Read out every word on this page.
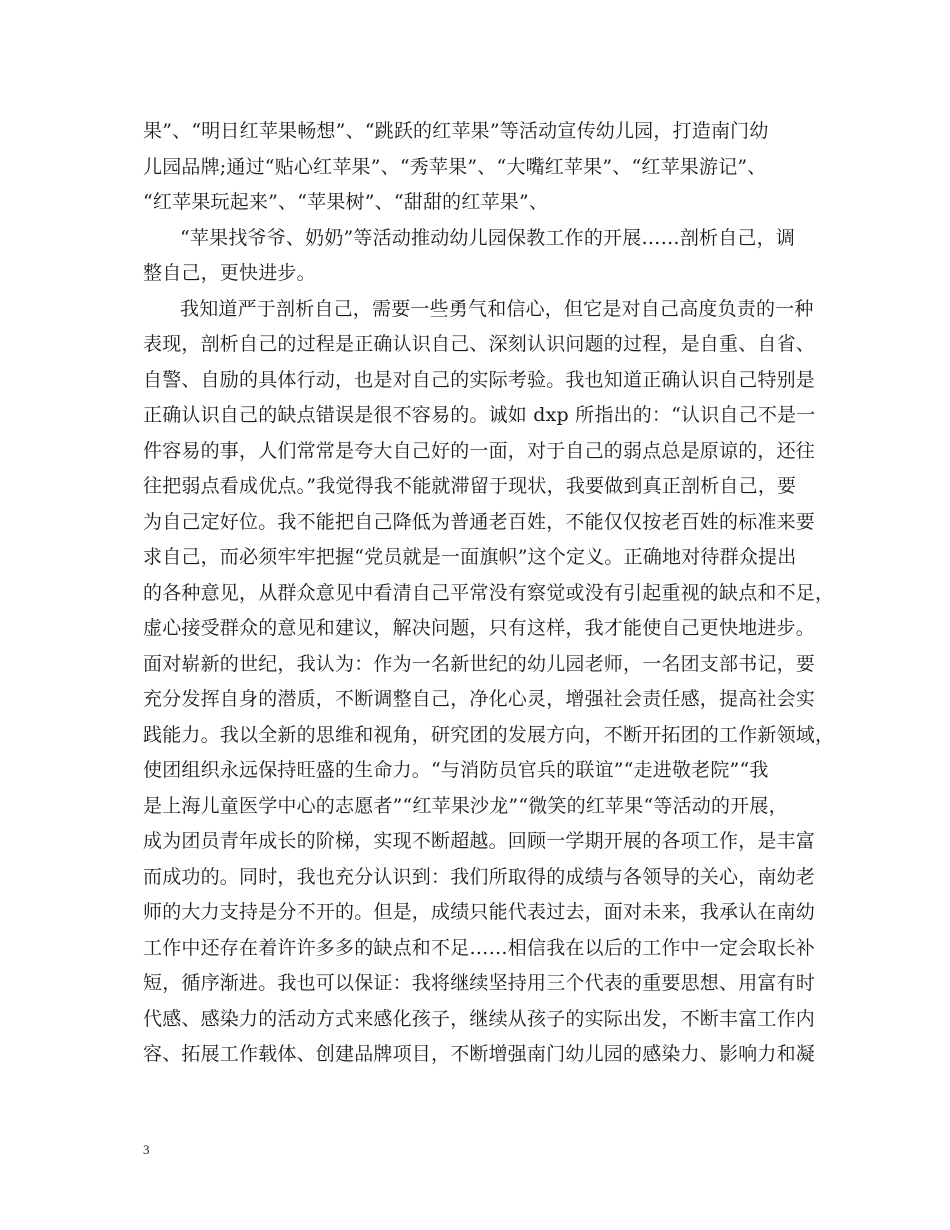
果”、“明日红苹果畅想”、“跳跃的红苹果”等活动宣传幼儿园，打造南门幼
儿园品牌;通过“贴心红苹果”、“秀苹果”、“大嘴红苹果”、“红苹果游记”、
“红苹果玩起来”、“苹果树”、“甜甜的红苹果”、
“苹果找爷爷、奶奶”等活动推动幼儿园保教工作的开展……剖析自己，调
整自己，更快进步。
我知道严于剖析自己，需要一些勇气和信心，但它是对自己高度负责的一种
表现，剖析自己的过程是正确认识自己、深刻认识问题的过程，是自重、自省、
自警、自励的具体行动，也是对自己的实际考验。我也知道正确认识自己特别是
正确认识自己的缺点错误是很不容易的。诚如 dxp 所指出的：“认识自己不是一
件容易的事，人们常常是夸大自己好的一面，对于自己的弱点总是原谅的，还往
往把弱点看成优点。”我觉得我不能就滞留于现状，我要做到真正剖析自己，要
为自己定好位。我不能把自己降低为普通老百姓，不能仅仅按老百姓的标准来要
求自己，而必须牢牢把握“党员就是一面旗帜”这个定义。正确地对待群众提出
的各种意见，从群众意见中看清自己平常没有察觉或没有引起重视的缺点和不足，
虚心接受群众的意见和建议，解决问题，只有这样，我才能使自己更快地进步。
面对崭新的世纪，我认为：作为一名新世纪的幼儿园老师，一名团支部书记，要
充分发挥自身的潜质，不断调整自己，净化心灵，增强社会责任感，提高社会实
践能力。我以全新的思维和视角，研究团的发展方向，不断开拓团的工作新领域，
使团组织永远保持旺盛的生命力。“与消防员官兵的联谊”“走进敬老院”“我
是上海儿童医学中心的志愿者”“红苹果沙龙”“微笑的红苹果“等活动的开展，
成为团员青年成长的阶梯，实现不断超越。回顾一学期开展的各项工作，是丰富
而成功的。同时，我也充分认识到：我们所取得的成绩与各领导的关心，南幼老
师的大力支持是分不开的。但是，成绩只能代表过去，面对未来，我承认在南幼
工作中还存在着许许多多的缺点和不足……相信我在以后的工作中一定会取长补
短，循序渐进。我也可以保证：我将继续坚持用三个代表的重要思想、用富有时
代感、感染力的活动方式来感化孩子，继续从孩子的实际出发，不断丰富工作内
容、拓展工作载体、创建品牌项目，不断增强南门幼儿园的感染力、影响力和凝
3
